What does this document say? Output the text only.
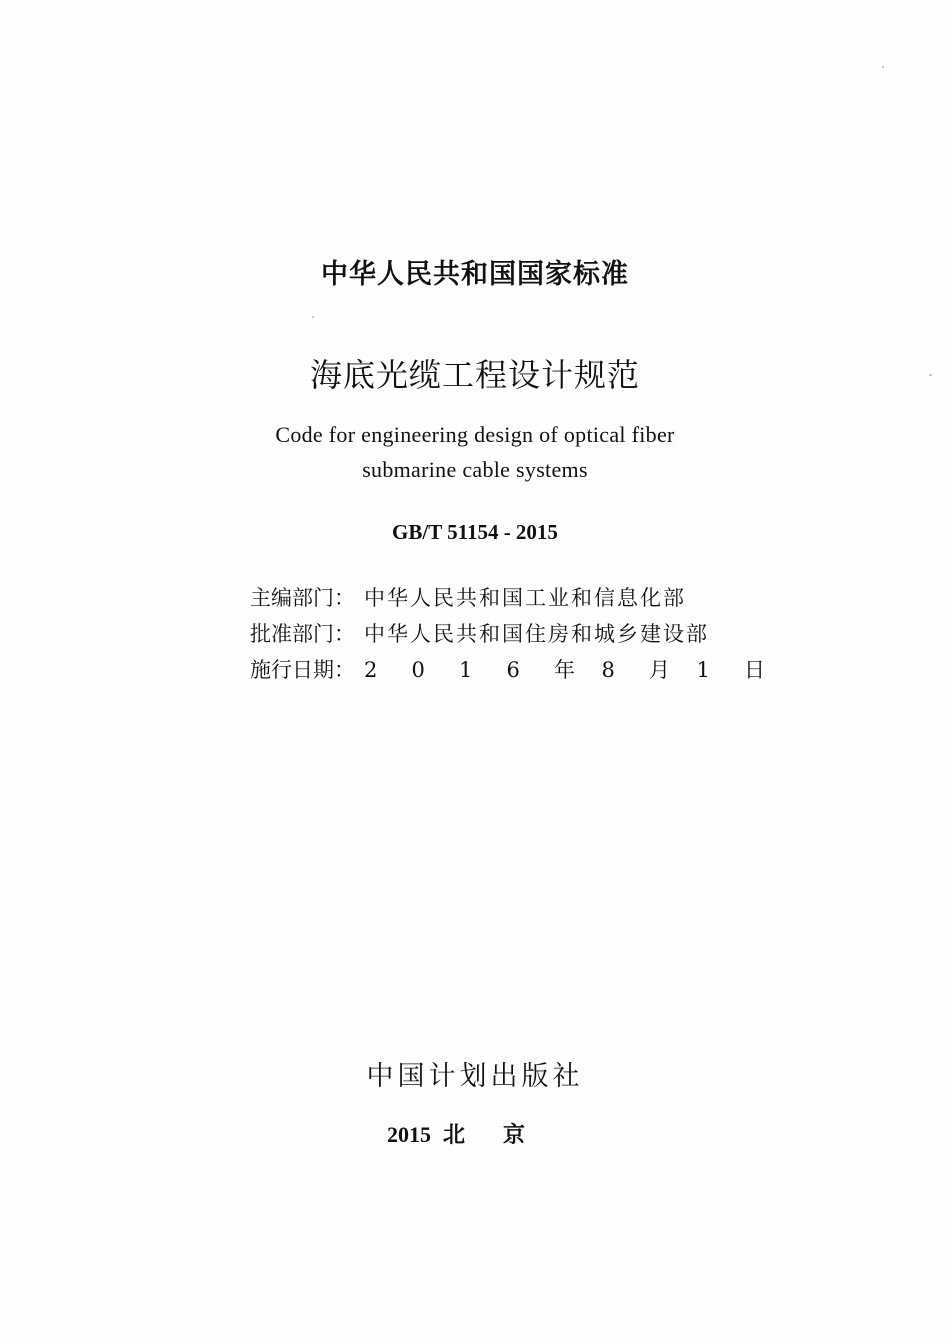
中华人民共和国国家标准
海底光缆工程设计规范
Code for engineering design of optical fiber
submarine cable systems
GB/T 51154 - 2015
主编部门： 中华人民共和国工业和信息化部
批准部门： 中华人民共和国住房和城乡建设部
施行日期： 2 0 1 6 年 8 月 1 日
中国计划出版社
2015 北京
